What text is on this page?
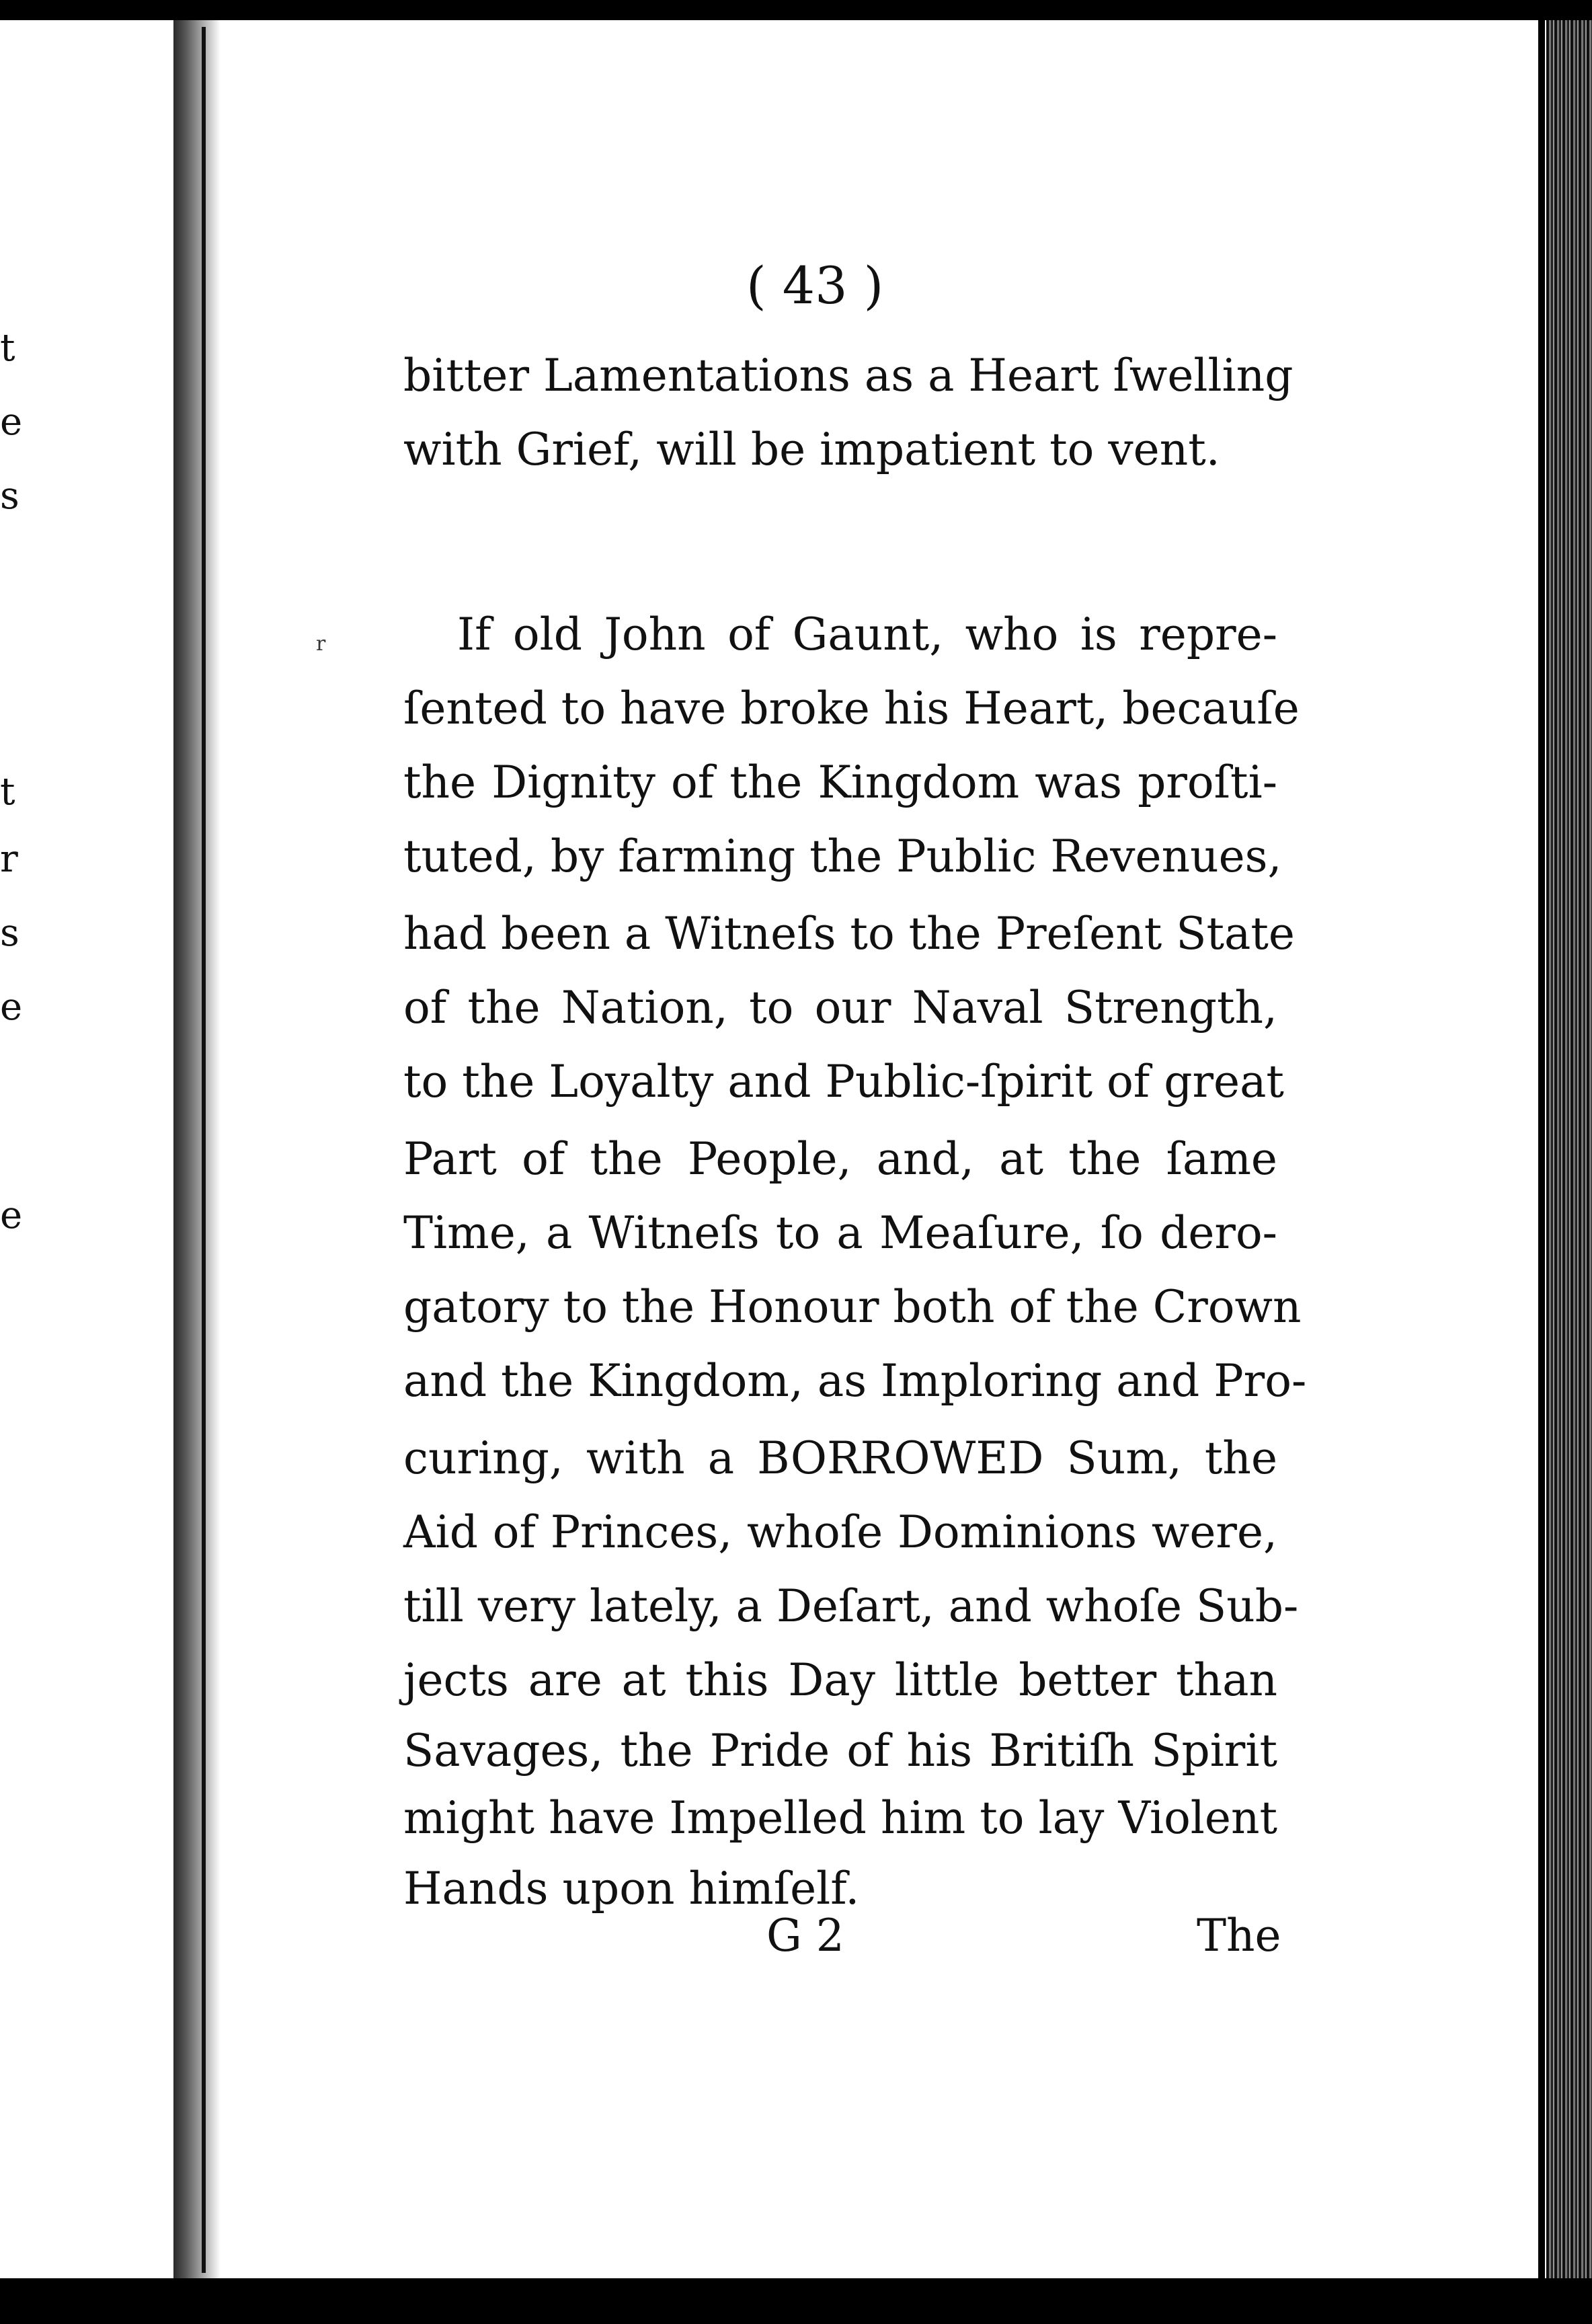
t
e
s
t
r
s
e
e
r
( 43 )
bitter Lamentations as a Heart ſwelling
with Grief, will be impatient to vent.
If old John of Gaunt, who is repre-
ſented to have broke his Heart, becauſe
the Dignity of the Kingdom was proſti-
tuted, by farming the Public Revenues,
had been a Witneſs to the Preſent State
of the Nation, to our Naval Strength,
to the Loyalty and Public-ſpirit of great
Part of the People, and, at the ſame
Time, a Witneſs to a Meaſure, ſo dero-
gatory to the Honour both of the Crown
and the Kingdom, as Imploring and Pro-
curing, with a BORROWED Sum, the
Aid of Princes, whoſe Dominions were,
till very lately, a Deſart, and whoſe Sub-
jects are at this Day little better than
Savages, the Pride of his Britiſh Spirit
might have Impelled him to lay Violent
Hands upon himſelf.
G 2	The
